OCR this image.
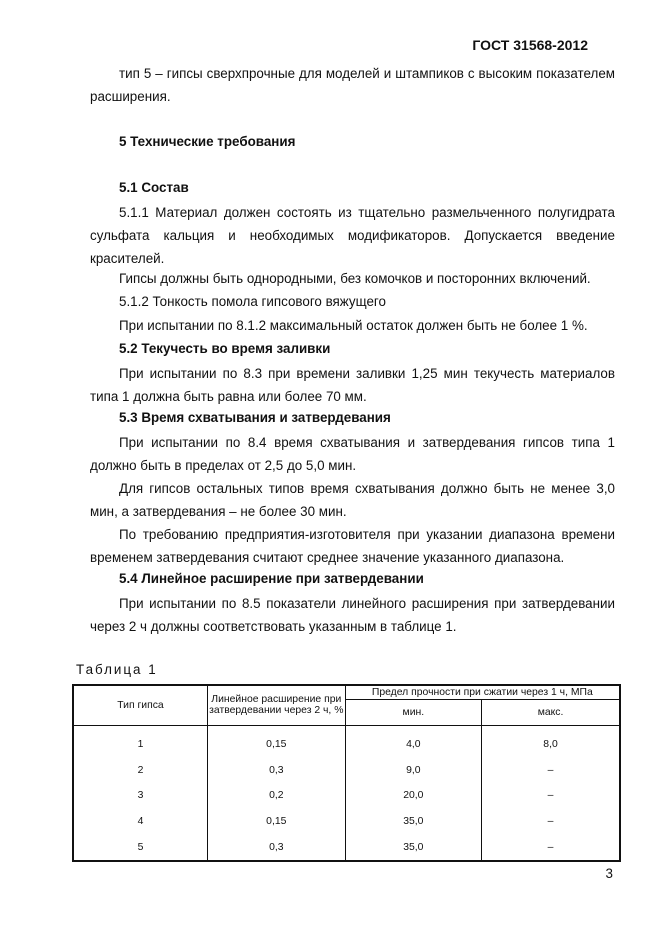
ГОСТ 31568-2012
тип 5 – гипсы сверхпрочные для моделей и штампиков с высоким показателем расширения.
5 Технические требования
5.1 Состав
5.1.1 Материал должен состоять из тщательно размельченного полугидрата сульфата кальция и необходимых модификаторов. Допускается введение красителей.
Гипсы должны быть однородными, без комочков и посторонних включений.
5.1.2 Тонкость помола гипсового вяжущего
При испытании по 8.1.2 максимальный остаток должен быть не более 1 %.
5.2 Текучесть во время заливки
При испытании по 8.3 при времени заливки 1,25 мин текучесть материалов типа 1 должна быть равна или более 70 мм.
5.3 Время схватывания и затвердевания
При испытании по 8.4 время схватывания и затвердевания гипсов типа 1 должно быть в пределах от 2,5 до 5,0 мин.
Для гипсов остальных типов время схватывания должно быть не менее 3,0 мин, а затвердевания – не более 30 мин.
По требованию предприятия-изготовителя при указании диапазона времени временем затвердевания считают среднее значение указанного диапазона.
5.4 Линейное расширение при затвердевании
При испытании по 8.5 показатели линейного расширения при затвердевании через 2 ч должны соответствовать указанным в таблице 1.
Таблица 1
Тип гипса	Линейное расширение при затвердевании через 2 ч, %	Предел прочности при сжатии через 1 ч, МПа	
		мин.	макс.
1	0,15	4,0	8,0
2	0,3	9,0	–
3	0,2	20,0	–
4	0,15	35,0	–
5	0,3	35,0	–
3
